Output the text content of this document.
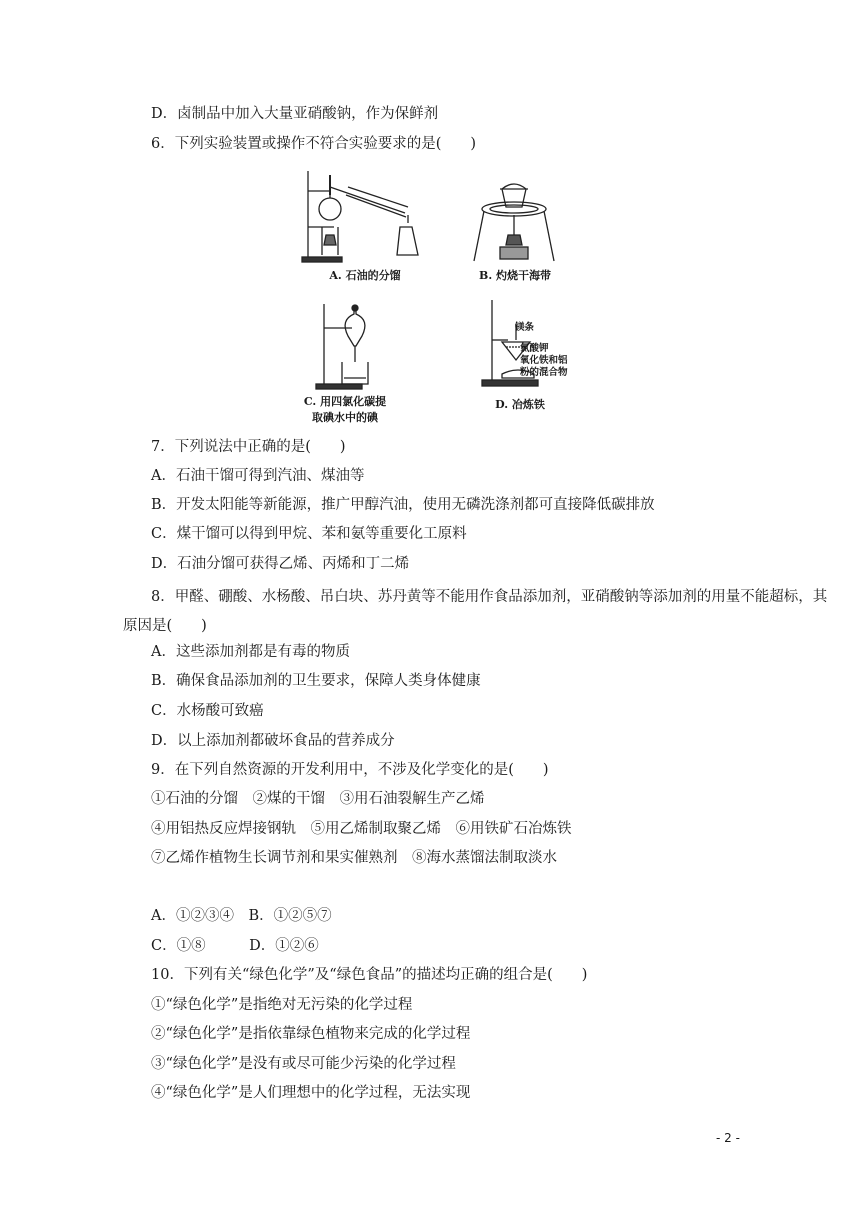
D．卤制品中加入大量亚硝酸钠，作为保鲜剂
6．下列实验装置或操作不符合实验要求的是(　　)
A. 石油的分馏	B. 灼烧干海带
C. 用四氯化碳提
取碘水中的碘
镁条
氯酸钾
氧化铁和铝
粉的混合物
D. 冶炼铁
7．下列说法中正确的是(　　)
A．石油干馏可得到汽油、煤油等
B．开发太阳能等新能源，推广甲醇汽油，使用无磷洗涤剂都可直接降低碳排放
C．煤干馏可以得到甲烷、苯和氨等重要化工原料
D．石油分馏可获得乙烯、丙烯和丁二烯
8．甲醛、硼酸、水杨酸、吊白块、苏丹黄等不能用作食品添加剂，亚硝酸钠等添加剂的用量不能超标，其原因是(　　)
A．这些添加剂都是有毒的物质
B．确保食品添加剂的卫生要求，保障人类身体健康
C．水杨酸可致癌
D．以上添加剂都破坏食品的营养成分
9．在下列自然资源的开发利用中，不涉及化学变化的是(　　)
①石油的分馏　②煤的干馏　③用石油裂解生产乙烯
④用铝热反应焊接钢轨　⑤用乙烯制取聚乙烯　⑥用铁矿石冶炼铁
⑦乙烯作植物生长调节剂和果实催熟剂　⑧海水蒸馏法制取淡水
A．①②③④　B．①②⑤⑦
C．①⑧　　　D．①②⑥
10．下列有关“绿色化学”及“绿色食品”的描述均正确的组合是(　　)
①“绿色化学”是指绝对无污染的化学过程
②“绿色化学”是指依靠绿色植物来完成的化学过程
③“绿色化学”是没有或尽可能少污染的化学过程
④“绿色化学”是人们理想中的化学过程，无法实现
- 2 -
